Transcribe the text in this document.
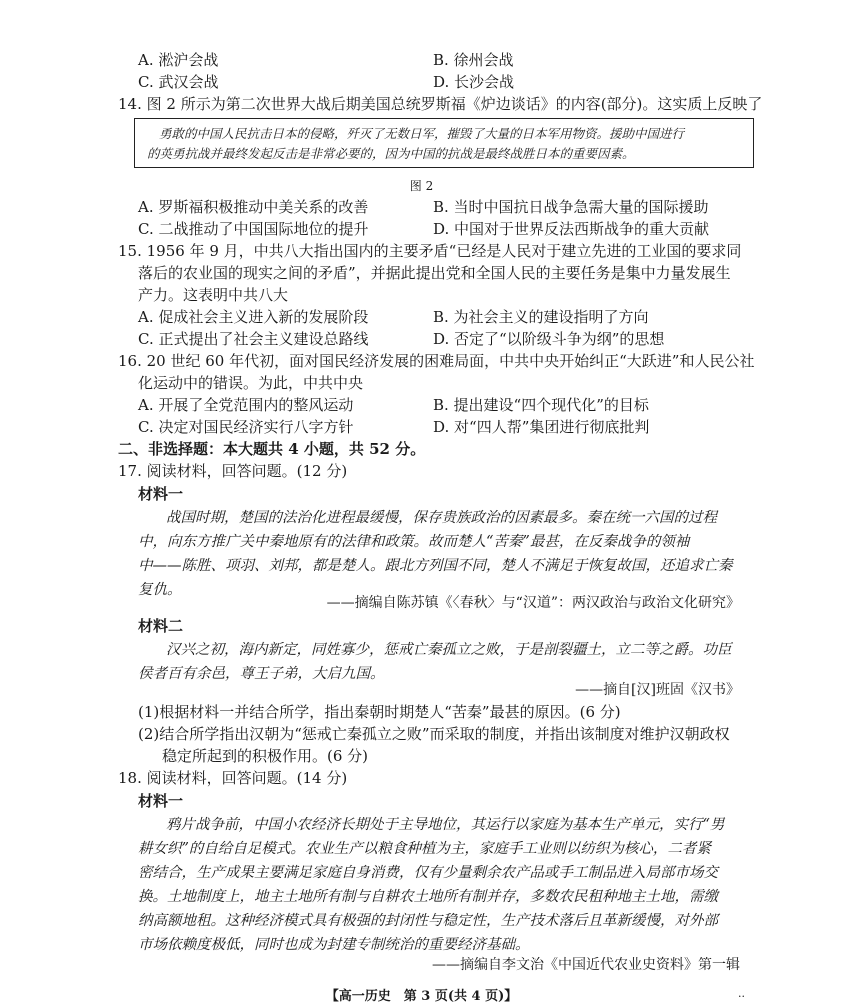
A. 淞沪会战	B. 徐州会战
C. 武汉会战	D. 长沙会战
14. 图 2 所示为第二次世界大战后期美国总统罗斯福《炉边谈话》的内容(部分)。这实质上反映了
勇敢的中国人民抗击日本的侵略，歼灭了无数日军，摧毁了大量的日本军用物资。援助中国进行
的英勇抗战并最终发起反击是非常必要的，因为中国的抗战是最终战胜日本的重要因素。
图 2
A. 罗斯福积极推动中美关系的改善	B. 当时中国抗日战争急需大量的国际援助
C. 二战推动了中国国际地位的提升	D. 中国对于世界反法西斯战争的重大贡献
15. 1956 年 9 月，中共八大指出国内的主要矛盾“已经是人民对于建立先进的工业国的要求同
落后的农业国的现实之间的矛盾”，并据此提出党和全国人民的主要任务是集中力量发展生
产力。这表明中共八大
A. 促成社会主义进入新的发展阶段	B. 为社会主义的建设指明了方向
C. 正式提出了社会主义建设总路线	D. 否定了“以阶级斗争为纲”的思想
16. 20 世纪 60 年代初，面对国民经济发展的困难局面，中共中央开始纠正“大跃进”和人民公社
化运动中的错误。为此，中共中央
A. 开展了全党范围内的整风运动	B. 提出建设“四个现代化”的目标
C. 决定对国民经济实行八字方针	D. 对“四人帮”集团进行彻底批判
二、非选择题：本大题共 4 小题，共 52 分。
17. 阅读材料，回答问题。(12 分)
材料一
战国时期，楚国的法治化进程最缓慢，保存贵族政治的因素最多。秦在统一六国的过程
中，向东方推广关中秦地原有的法律和政策。故而楚人“苦秦”最甚，在反秦战争的领袖
中——陈胜、项羽、刘邦，都是楚人。跟北方列国不同，楚人不满足于恢复故国，还追求亡秦
复仇。
——摘编自陈苏镇《〈春秋〉与“汉道”：两汉政治与政治文化研究》
材料二
汉兴之初，海内新定，同姓寡少，惩戒亡秦孤立之败，于是剖裂疆土，立二等之爵。功臣
侯者百有余邑，尊王子弟，大启九国。
——摘自[汉]班固《汉书》
(1)根据材料一并结合所学，指出秦朝时期楚人“苦秦”最甚的原因。(6 分)
(2)结合所学指出汉朝为“惩戒亡秦孤立之败”而采取的制度，并指出该制度对维护汉朝政权
稳定所起到的积极作用。(6 分)
18. 阅读材料，回答问题。(14 分)
材料一
鸦片战争前，中国小农经济长期处于主导地位，其运行以家庭为基本生产单元，实行“男
耕女织”的自给自足模式。农业生产以粮食种植为主，家庭手工业则以纺织为核心，二者紧
密结合，生产成果主要满足家庭自身消费，仅有少量剩余农产品或手工制品进入局部市场交
换。土地制度上，地主土地所有制与自耕农土地所有制并存，多数农民租种地主土地，需缴
纳高额地租。这种经济模式具有极强的封闭性与稳定性，生产技术落后且革新缓慢，对外部
市场依赖度极低，同时也成为封建专制统治的重要经济基础。
——摘编自李文治《中国近代农业史资料》第一辑
【高一历史　第 3 页(共 4 页)】	··
